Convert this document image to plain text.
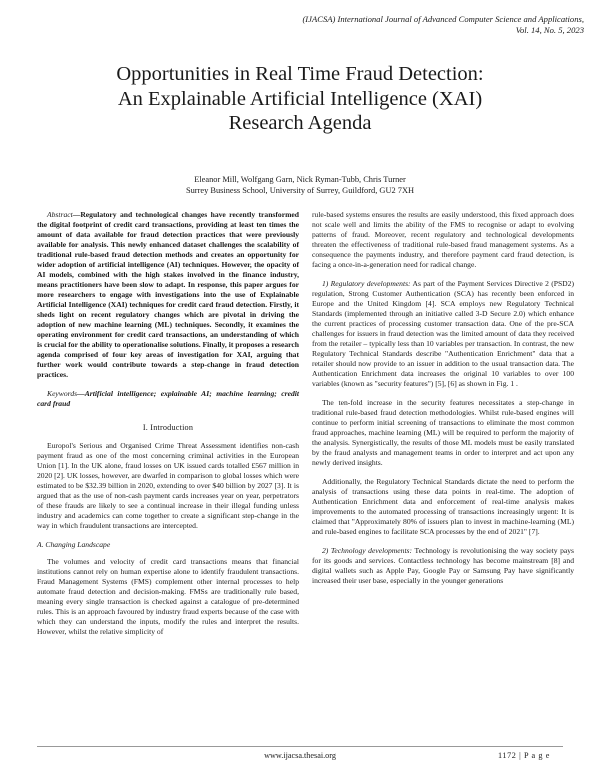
(IJACSA) International Journal of Advanced Computer Science and Applications,
Vol. 14, No. 5, 2023
Opportunities in Real Time Fraud Detection:
An Explainable Artificial Intelligence (XAI)
Research Agenda
Eleanor Mill, Wolfgang Garn, Nick Ryman-Tubb, Chris Turner
Surrey Business School, University of Surrey, Guildford, GU2 7XH

Abstract—Regulatory and technological changes have recently transformed the digital footprint of credit card transactions, providing at least ten times the amount of data available for fraud detection practices that were previously available for analysis. This newly enhanced dataset challenges the scalability of traditional rule-based fraud detection methods and creates an opportunity for wider adoption of artificial intelligence (AI) techniques. However, the opacity of AI models, combined with the high stakes involved in the finance industry, means practitioners have been slow to adapt. In response, this paper argues for more researchers to engage with investigations into the use of Explainable Artificial Intelligence (XAI) techniques for credit card fraud detection. Firstly, it sheds light on recent regulatory changes which are pivotal in driving the adoption of new machine learning (ML) techniques. Secondly, it examines the operating environment for credit card transactions, an understanding of which is crucial for the ability to operationalise solutions. Finally, it proposes a research agenda comprised of four key areas of investigation for XAI, arguing that further work would contribute towards a step-change in fraud detection practices.

Keywords—Artificial intelligence; explainable AI; machine learning; credit card fraud

I. Introduction

Europol's Serious and Organised Crime Threat Assessment identifies non-cash payment fraud as one of the most concerning criminal activities in the European Union [1]. In the UK alone, fraud losses on UK issued cards totalled £567 million in 2020 [2]. UK losses, however, are dwarfed in comparison to global losses which were estimated to be $32.39 billion in 2020, extending to over $40 billion by 2027 [3]. It is argued that as the use of non-cash payment cards increases year on year, perpetrators of these frauds are likely to see a continual increase in their illegal funding unless industry and academics can come together to create a significant step-change in the way in which fraudulent transactions are intercepted.

A. Changing Landscape

The volumes and velocity of credit card transactions means that financial institutions cannot rely on human expertise alone to identify fraudulent transactions. Fraud Management Systems (FMS) complement other internal processes to help automate fraud detection and decision-making. FMSs are traditionally rule based, meaning every single transaction is checked against a catalogue of pre-determined rules. This is an approach favoured by industry fraud experts because of the case with which they can understand the inputs, modify the rules and interpret the results. However, whilst the relative simplicity of

rule-based systems ensures the results are easily understood, this fixed approach does not scale well and limits the ability of the FMS to recognise or adapt to evolving patterns of fraud. Moreover, recent regulatory and technological developments threaten the effectiveness of traditional rule-based fraud management systems. As a consequence the payments industry, and therefore payment card fraud detection, is facing a once-in-a-generation need for radical change.

1) Regulatory developments: As part of the Payment Services Directive 2 (PSD2) regulation, Strong Customer Authentication (SCA) has recently been enforced in Europe and the United Kingdom [4]. SCA employs new Regulatory Technical Standards (implemented through an initiative called 3-D Secure 2.0) which enhance the current practices of processing customer transaction data. One of the pre-SCA challenges for issuers in fraud detection was the limited amount of data they received from the retailer – typically less than 10 variables per transaction. In contrast, the new Regulatory Technical Standards describe "Authentication Enrichment" data that a retailer should now provide to an issuer in addition to the usual transaction data. The Authentication Enrichment data increases the original 10 variables to over 100 variables (known as "security features") [5], [6] as shown in Fig. 1 .

The ten-fold increase in the security features necessitates a step-change in traditional rule-based fraud detection methodologies. Whilst rule-based engines will continue to perform initial screening of transactions to eliminate the most common fraud approaches, machine learning (ML) will be required to perform the majority of the analysis. Synergistically, the results of those ML models must be easily translated by the fraud analysts and management teams in order to interpret and act upon any newly derived insights.

Additionally, the Regulatory Technical Standards dictate the need to perform the analysis of transactions using these data points in real-time. The adoption of Authentication Enrichment data and enforcement of real-time analysis makes improvements to the automated processing of transactions increasingly urgent: It is claimed that "Approximately 80% of issuers plan to invest in machine-learning (ML) and rule-based engines to facilitate SCA processes by the end of 2021" [7].

2) Technology developments: Technology is revolutionising the way society pays for its goods and services. Contactless technology has become mainstream [8] and digital wallets such as Apple Pay, Google Pay or Samsung Pay have significantly increased their user base, especially in the younger generations

www.ijacsa.thesai.org	1172 | P a g e
